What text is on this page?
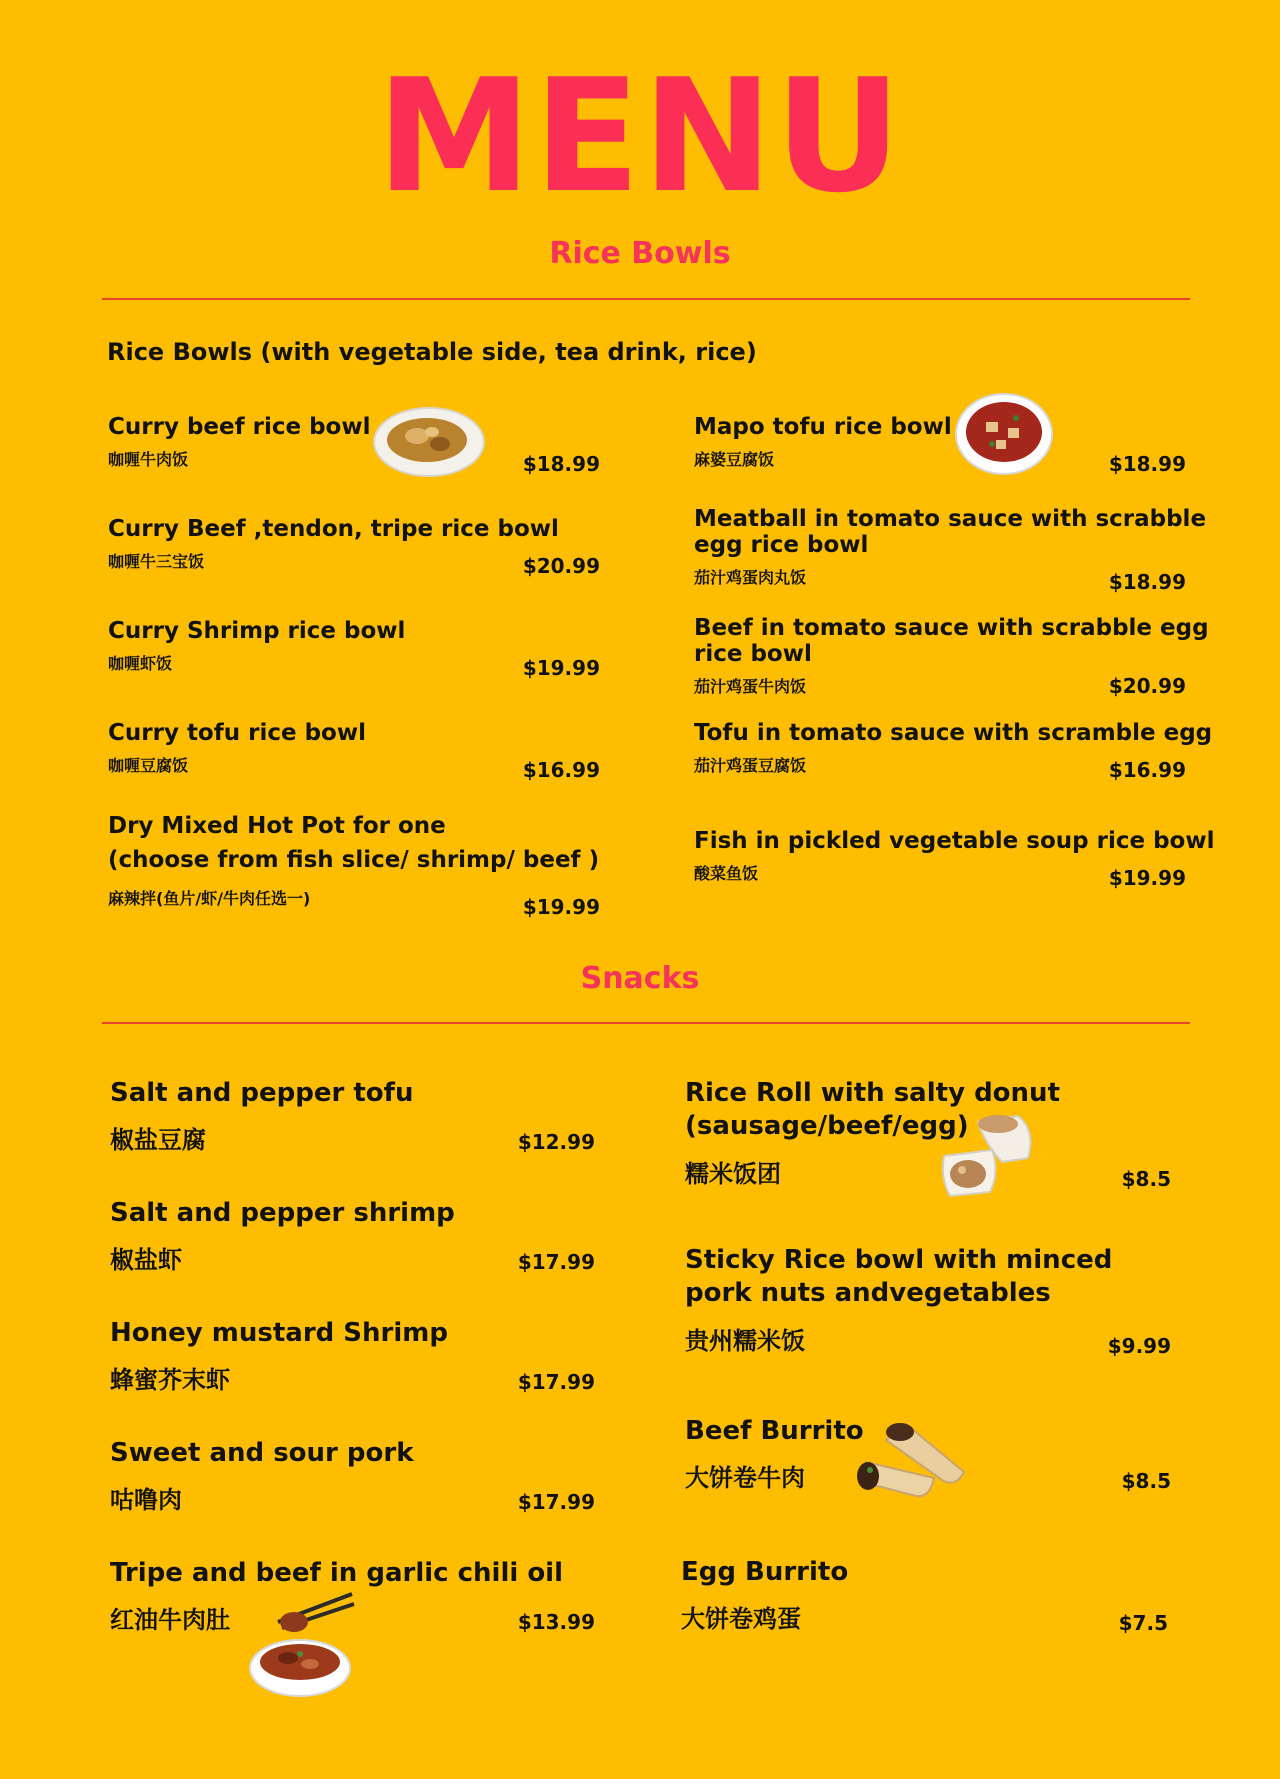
MENU
Rice Bowls
Rice Bowls (with vegetable side, tea drink, rice)
Curry beef rice bowl
咖喱牛肉饭	$18.99
Curry Beef ,tendon, tripe rice bowl
咖喱牛三宝饭	$20.99
Curry Shrimp rice bowl
咖喱虾饭	$19.99
Curry tofu rice bowl
咖喱豆腐饭	$16.99
Dry Mixed Hot Pot for one
(choose from fish slice/ shrimp/ beef )
麻辣拌(鱼片/虾/牛肉任选一)	$19.99
Mapo tofu rice bowl
麻婆豆腐饭	$18.99
Meatball in tomato sauce with scrabble
egg rice bowl
茄汁鸡蛋肉丸饭	$18.99
Beef in tomato sauce with scrabble egg
rice bowl
茄汁鸡蛋牛肉饭	$20.99
Tofu in tomato sauce with scramble egg
茄汁鸡蛋豆腐饭	$16.99
Fish in pickled vegetable soup rice bowl
酸菜鱼饭	$19.99
Snacks
Salt and pepper tofu
椒盐豆腐	$12.99
Salt and pepper shrimp
椒盐虾	$17.99
Honey mustard Shrimp
蜂蜜芥末虾	$17.99
Sweet and sour pork
咕噜肉	$17.99
Tripe and beef in garlic chili oil
红油牛肉肚	$13.99
Rice Roll with salty donut
(sausage/beef/egg)
糯米饭团	$8.5
Sticky Rice bowl with minced
pork nuts andvegetables
贵州糯米饭	$9.99
Beef Burrito
大饼卷牛肉	$8.5
Egg Burrito
大饼卷鸡蛋	$7.5
